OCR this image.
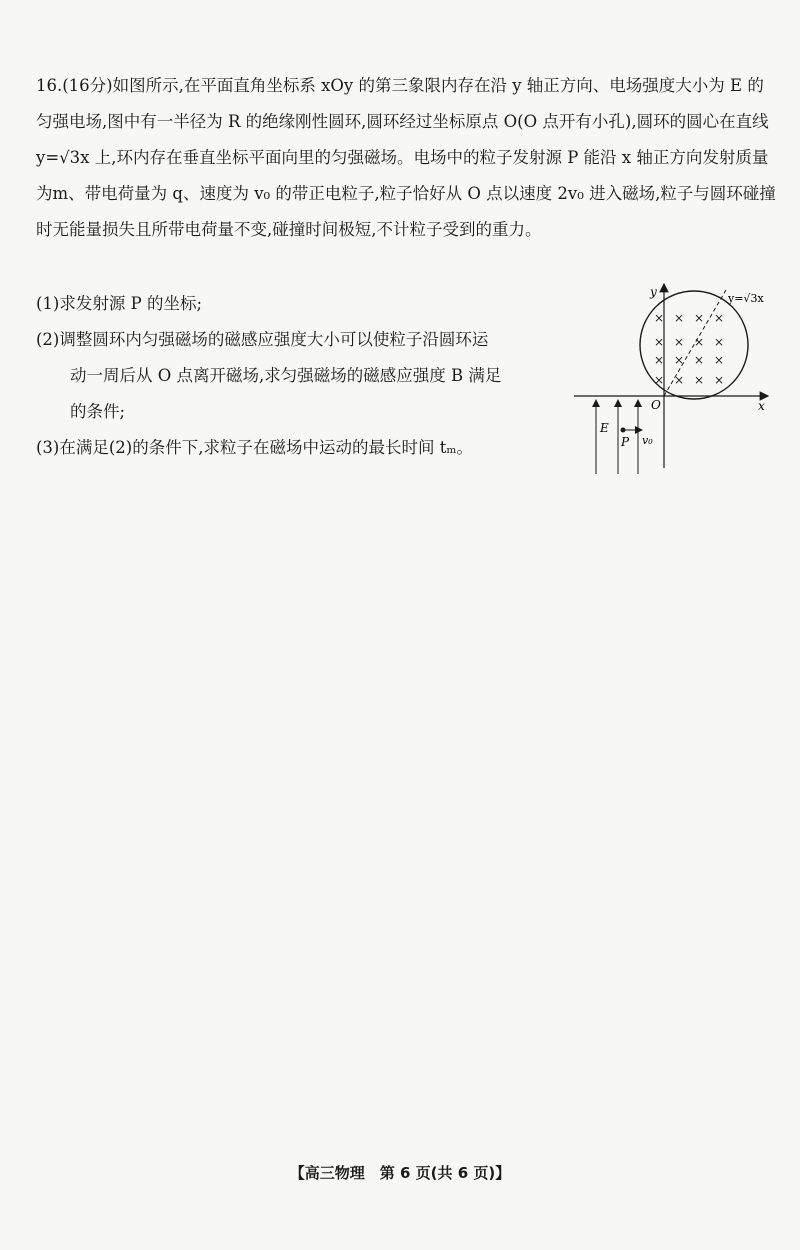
16.(16分)如图所示,在平面直角坐标系 xOy 的第三象限内存在沿 y 轴正方向、电场强度大小为 E 的匀强电场,图中有一半径为 R 的绝缘刚性圆环,圆环经过坐标原点 O(O 点开有小孔),圆环的圆心在直线 y=√3x 上,环内存在垂直坐标平面向里的匀强磁场。电场中的粒子发射源 P 能沿 x 轴正方向发射质量为m、带电荷量为 q、速度为 v₀ 的带正电粒子,粒子恰好从 O 点以速度 2v₀ 进入磁场,粒子与圆环碰撞时无能量损失且所带电荷量不变,碰撞时间极短,不计粒子受到的重力。

(1)求发射源 P 的坐标;
(2)调整圆环内匀强磁场的磁感应强度大小可以使粒子沿圆环运
动一周后从 O 点离开磁场,求匀强磁场的磁感应强度 B 满足
的条件;
(3)在满足(2)的条件下,求粒子在磁场中运动的最长时间 tₘ。
x
y
O
y=√3x
× × × ×
× × × ×
× × × ×
× × × ×
E
P v₀
【高三物理　第 6 页(共 6 页)】
